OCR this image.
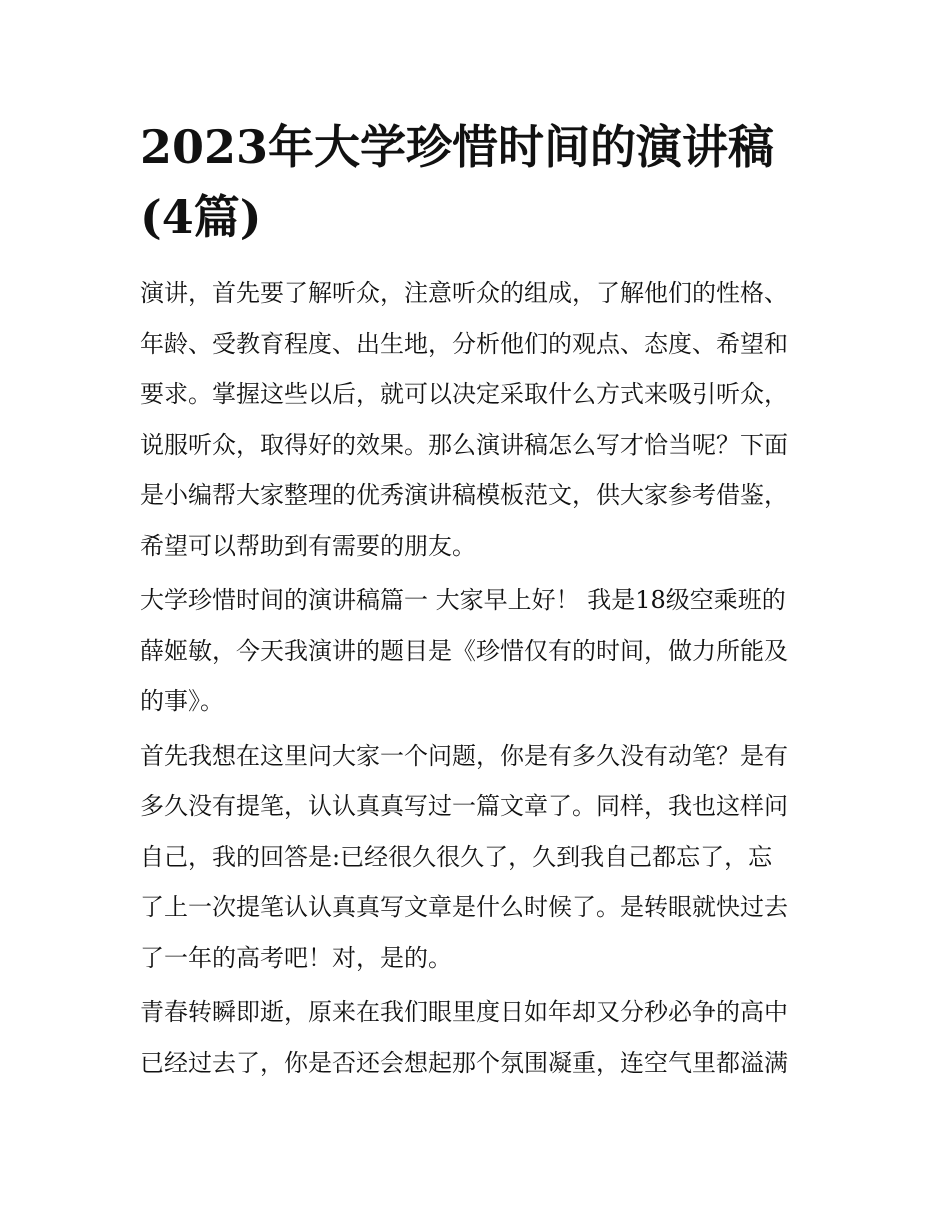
2023年大学珍惜时间的演讲稿
(4篇)

演讲，首先要了解听众，注意听众的组成，了解他们的性格、
年龄、受教育程度、出生地，分析他们的观点、态度、希望和
要求。掌握这些以后，就可以决定采取什么方式来吸引听众，
说服听众，取得好的效果。那么演讲稿怎么写才恰当呢？下面
是小编帮大家整理的优秀演讲稿模板范文，供大家参考借鉴，
希望可以帮助到有需要的朋友。

大学珍惜时间的演讲稿篇一 大家早上好！ 我是18级空乘班的
薛姬敏，今天我演讲的题目是《珍惜仅有的时间，做力所能及
的事》。

首先我想在这里问大家一个问题，你是有多久没有动笔？是有
多久没有提笔，认认真真写过一篇文章了。同样，我也这样问
自己，我的回答是:已经很久很久了，久到我自己都忘了，忘
了上一次提笔认认真真写文章是什么时候了。是转眼就快过去
了一年的高考吧！对，是的。

青春转瞬即逝，原来在我们眼里度日如年却又分秒必争的高中
已经过去了，你是否还会想起那个氛围凝重，连空气里都溢满
